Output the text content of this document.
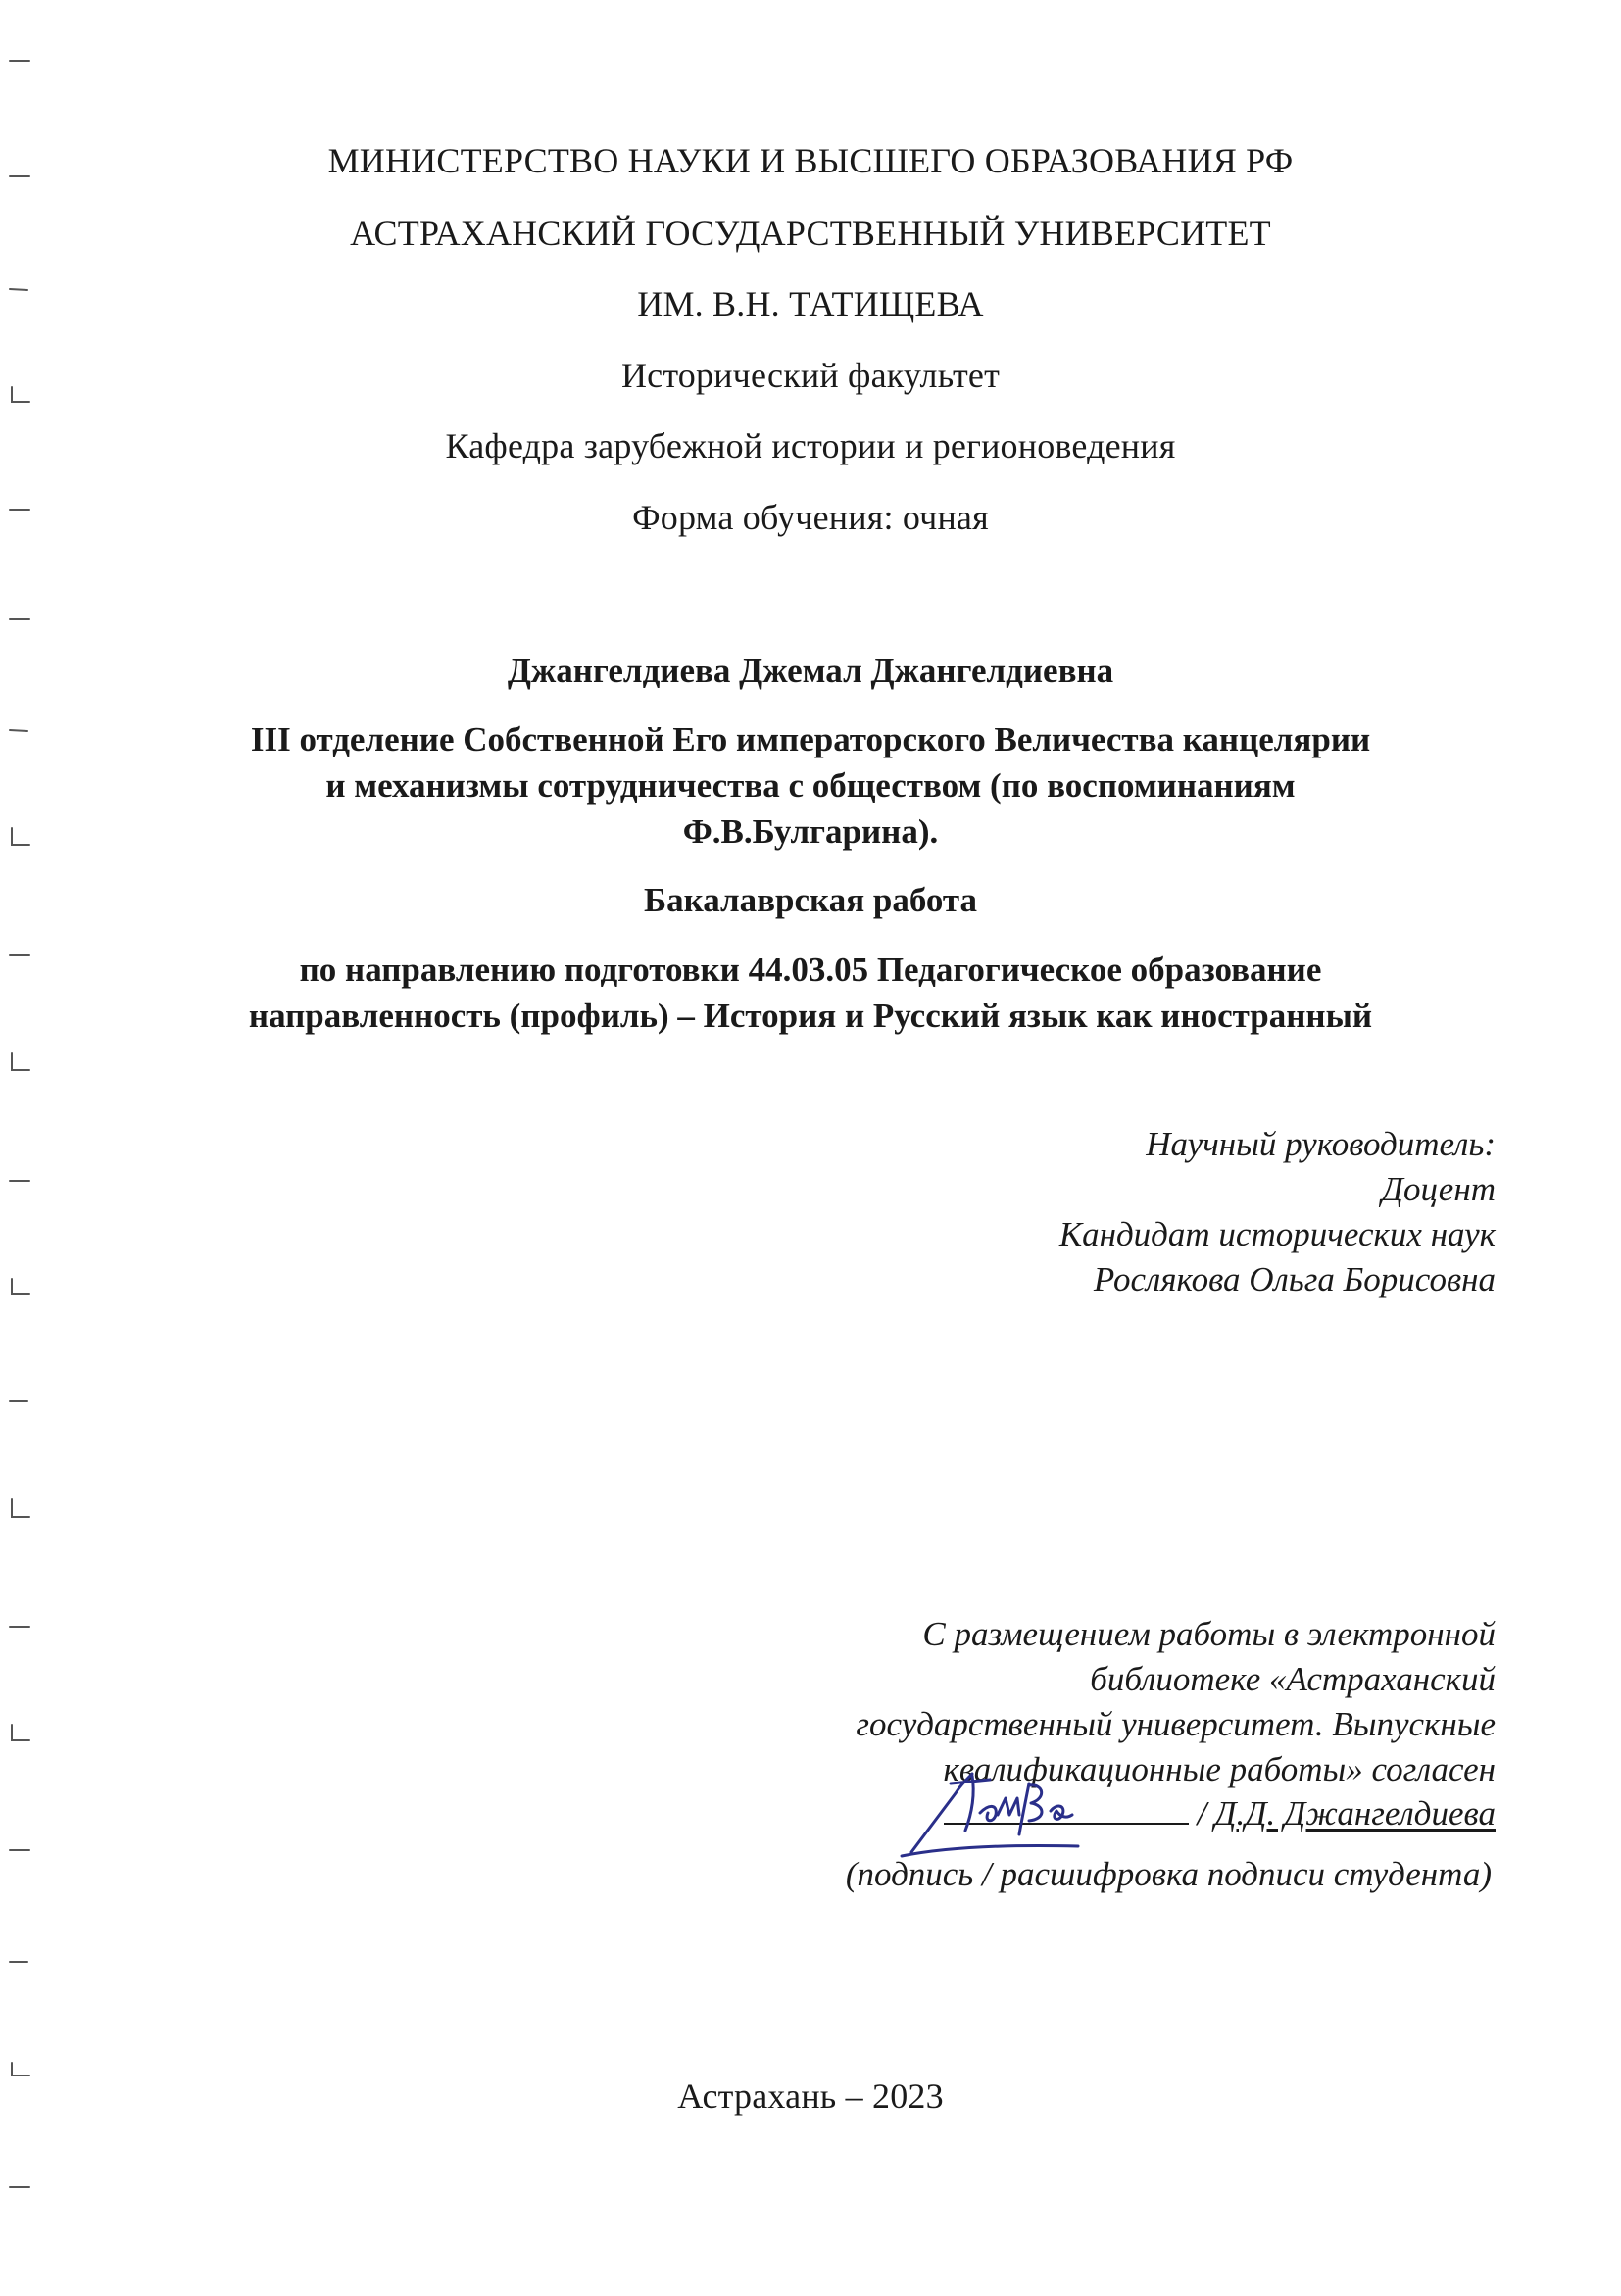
МИНИСТЕРСТВО НАУКИ И ВЫСШЕГО ОБРАЗОВАНИЯ РФ
АСТРАХАНСКИЙ ГОСУДАРСТВЕННЫЙ УНИВЕРСИТЕТ
ИМ. В.Н. ТАТИЩЕВА
Исторический факультет
Кафедра зарубежной истории и регионоведения
Форма обучения: очная
Джангелдиева Джемал Джангелдиевна
III отделение Собственной Его императорского Величества канцелярии
и механизмы сотрудничества с обществом (по воспоминаниям
Ф.В.Булгарина).
Бакалаврская работа
по направлению подготовки 44.03.05 Педагогическое образование
направленность (профиль) – История и Русский язык как иностранный
Научный руководитель:
Доцент
Кандидат исторических наук
Рослякова Ольга Борисовна
С размещением работы в электронной
библиотеке «Астраханский
государственный университет. Выпускные
квалификационные работы» согласен
/ Д.Д. Джангелдиева
(подпись / расшифровка подписи студента)
Астрахань – 2023
